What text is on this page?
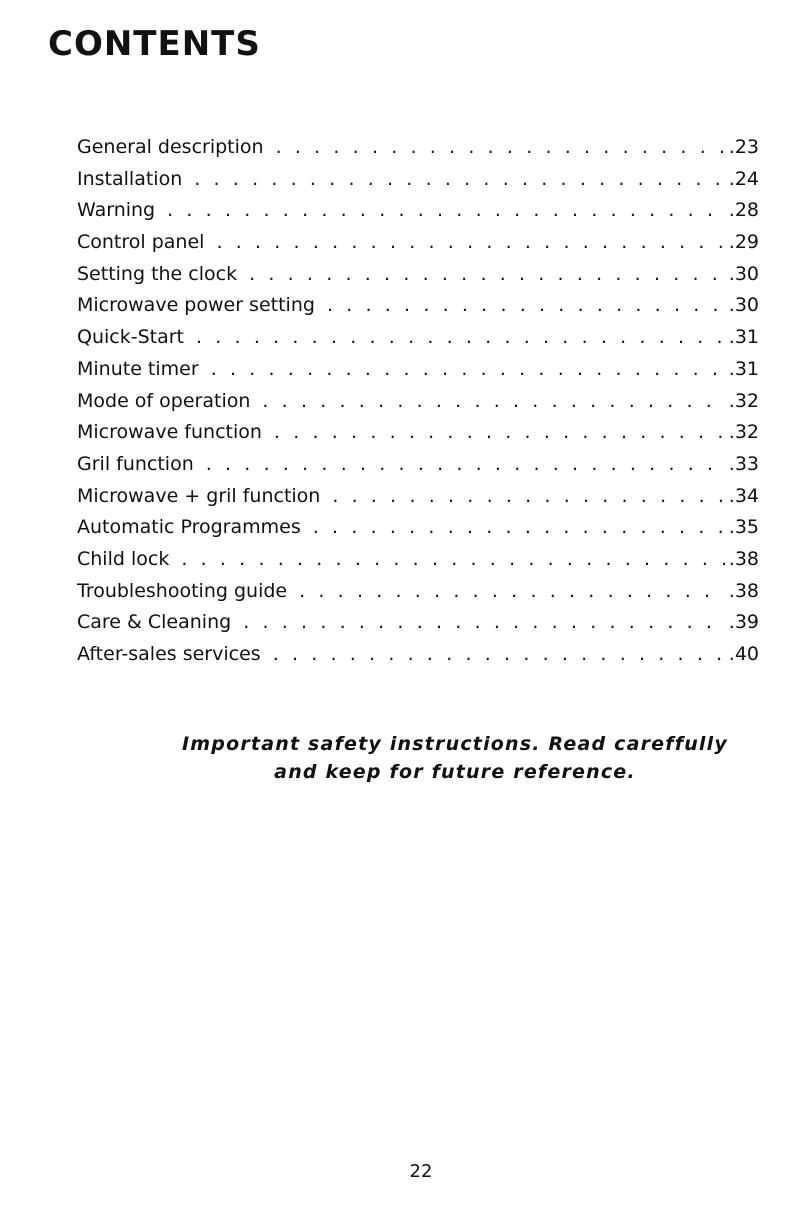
CONTENTS
General description . . .	.23
Installation . . .	.24
Warning . . .	.28
Control panel . . .	.29
Setting the clock . . .	.30
Microwave power setting . . .	.30
Quick-Start . . .	.31
Minute timer . . .	.31
Mode of operation . . .	.32
Microwave function . . .	.32
Gril function . . .	.33
Microwave + gril function . . .	.34
Automatic Programmes . . .	.35
Child lock . . .	.38
Troubleshooting guide . . .	.38
Care & Cleaning . . .	.39
After-sales services . . .	.40

Important safety instructions. Read careffully
and keep for future reference.

22
